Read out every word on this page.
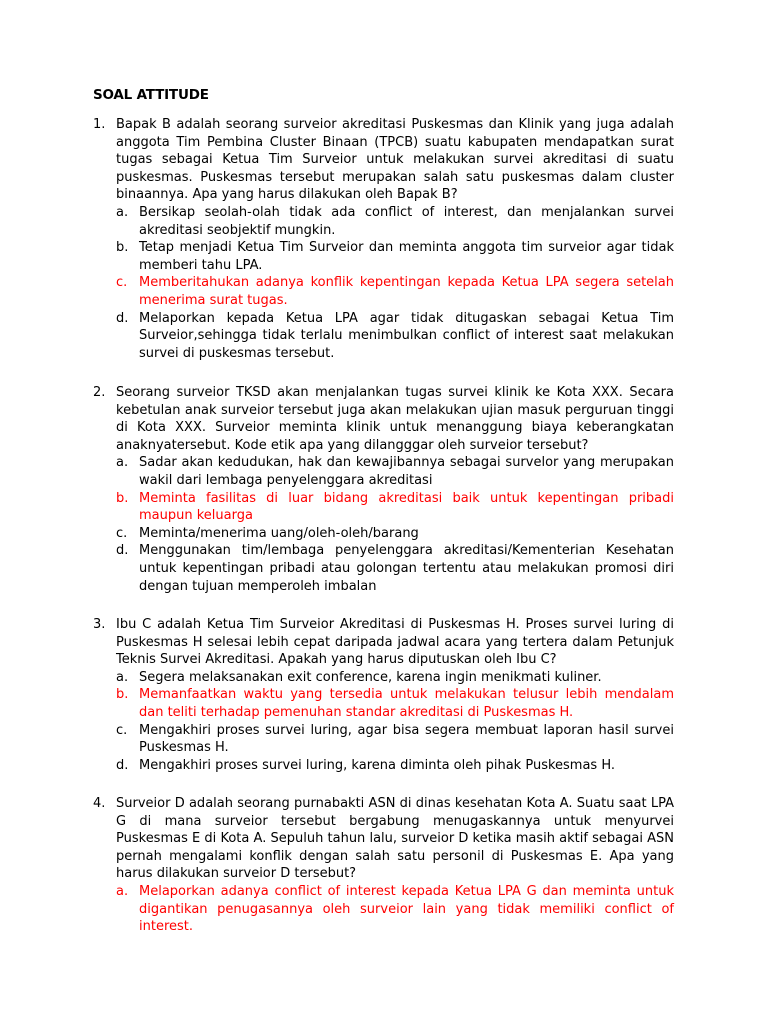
SOAL ATTITUDE
1. Bapak B adalah seorang surveior akreditasi Puskesmas dan Klinik yang juga adalah anggota Tim Pembina Cluster Binaan (TPCB) suatu kabupaten mendapatkan surat tugas sebagai Ketua Tim Surveior untuk melakukan survei akreditasi di suatu puskesmas. Puskesmas tersebut merupakan salah satu puskesmas dalam cluster binaannya. Apa yang harus dilakukan oleh Bapak B?
a. Bersikap seolah-olah tidak ada conflict of interest, dan menjalankan survei akreditasi seobjektif mungkin.
b. Tetap menjadi Ketua Tim Surveior dan meminta anggota tim surveior agar tidak memberi tahu LPA.
c. Memberitahukan adanya konflik kepentingan kepada Ketua LPA segera setelah menerima surat tugas.
d. Melaporkan kepada Ketua LPA agar tidak ditugaskan sebagai Ketua Tim Surveior,sehingga tidak terlalu menimbulkan conflict of interest saat melakukan survei di puskesmas tersebut.
2. Seorang surveior TKSD akan menjalankan tugas survei klinik ke Kota XXX. Secara kebetulan anak surveior tersebut juga akan melakukan ujian masuk perguruan tinggi di Kota XXX. Surveior meminta klinik untuk menanggung biaya keberangkatan anaknyatersebut. Kode etik apa yang dilangggar oleh surveior tersebut?
a. Sadar akan kedudukan, hak dan kewajibannya sebagai survelor yang merupakan wakil dari lembaga penyelenggara akreditasi
b. Meminta fasilitas di luar bidang akreditasi baik untuk kepentingan pribadi maupun keluarga
c. Meminta/menerima uang/oleh-oleh/barang
d. Menggunakan tim/lembaga penyelenggara akreditasi/Kementerian Kesehatan untuk kepentingan pribadi atau golongan tertentu atau melakukan promosi diri dengan tujuan memperoleh imbalan
3. Ibu C adalah Ketua Tim Surveior Akreditasi di Puskesmas H. Proses survei luring di Puskesmas H selesai lebih cepat daripada jadwal acara yang tertera dalam Petunjuk Teknis Survei Akreditasi. Apakah yang harus diputuskan oleh Ibu C?
a. Segera melaksanakan exit conference, karena ingin menikmati kuliner.
b. Memanfaatkan waktu yang tersedia untuk melakukan telusur lebih mendalam dan teliti terhadap pemenuhan standar akreditasi di Puskesmas H.
c. Mengakhiri proses survei luring, agar bisa segera membuat laporan hasil survei Puskesmas H.
d. Mengakhiri proses survei luring, karena diminta oleh pihak Puskesmas H.
4. Surveior D adalah seorang purnabakti ASN di dinas kesehatan Kota A. Suatu saat LPA G di mana surveior tersebut bergabung menugaskannya untuk menyurvei Puskesmas E di Kota A. Sepuluh tahun lalu, surveior D ketika masih aktif sebagai ASN pernah mengalami konflik dengan salah satu personil di Puskesmas E. Apa yang harus dilakukan surveior D tersebut?
a. Melaporkan adanya conflict of interest kepada Ketua LPA G dan meminta untuk digantikan penugasannya oleh surveior lain yang tidak memiliki conflict of interest.
